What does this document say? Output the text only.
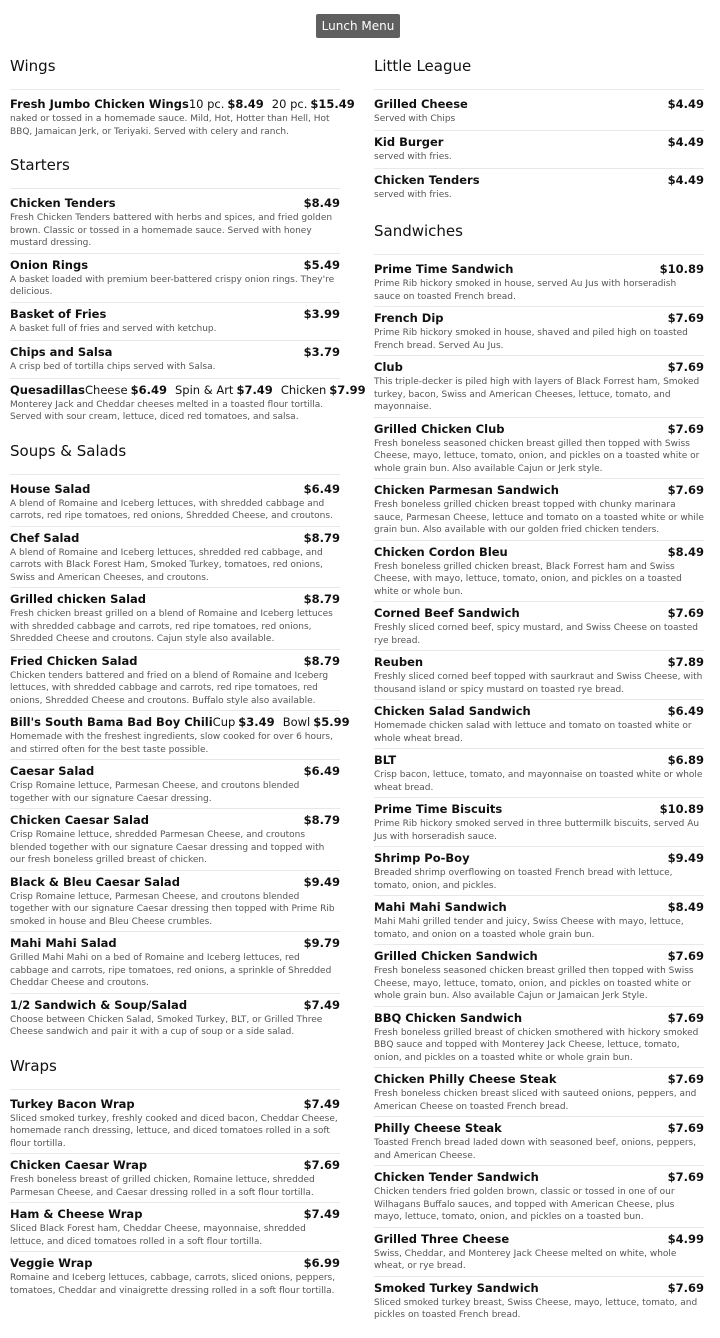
Lunch Menu
Wings
Fresh Jumbo Chicken Wings 10 pc. $8.49 20 pc. $15.49
naked or tossed in a homemade sauce. Mild, Hot, Hotter than Hell, Hot BBQ, Jamaican Jerk, or Teriyaki. Served with celery and ranch.
Starters
Chicken Tenders	$8.49
Fresh Chicken Tenders battered with herbs and spices, and fried golden brown. Classic or tossed in a homemade sauce. Served with honey mustard dressing.
Onion Rings	$5.49
A basket loaded with premium beer-battered crispy onion rings. They're delicious.
Basket of Fries	$3.99
A basket full of fries and served with ketchup.
Chips and Salsa	$3.79
A crisp bed of tortilla chips served with Salsa.
Quesadillas Cheese $6.49 Spin & Art $7.49 Chicken $7.99
Monterey Jack and Cheddar cheeses melted in a toasted flour tortilla. Served with sour cream, lettuce, diced red tomatoes, and salsa.
Soups & Salads
House Salad	$6.49
A blend of Romaine and Iceberg lettuces, with shredded cabbage and carrots, red ripe tomatoes, red onions, Shredded Cheese, and croutons.
Chef Salad	$8.79
A blend of Romaine and Iceberg lettuces, shredded red cabbage, and carrots with Black Forest Ham, Smoked Turkey, tomatoes, red onions, Swiss and American Cheeses, and croutons.
Grilled chicken Salad	$8.79
Fresh chicken breast grilled on a blend of Romaine and Iceberg lettuces with shredded cabbage and carrots, red ripe tomatoes, red onions, Shredded Cheese and croutons. Cajun style also available.
Fried Chicken Salad	$8.79
Chicken tenders battered and fried on a blend of Romaine and Iceberg lettuces, with shredded cabbage and carrots, red ripe tomatoes, red onions, Shredded Cheese and croutons. Buffalo style also available.
Bill's South Bama Bad Boy Chili Cup $3.49 Bowl $5.99
Homemade with the freshest ingredients, slow cooked for over 6 hours, and stirred often for the best taste possible.
Caesar Salad	$6.49
Crisp Romaine lettuce, Parmesan Cheese, and croutons blended together with our signature Caesar dressing.
Chicken Caesar Salad	$8.79
Crisp Romaine lettuce, shredded Parmesan Cheese, and croutons blended together with our signature Caesar dressing and topped with our fresh boneless grilled breast of chicken.
Black & Bleu Caesar Salad	$9.49
Crisp Romaine lettuce, Parmesan Cheese, and croutons blended together with our signature Caesar dressing then topped with Prime Rib smoked in house and Bleu Cheese crumbles.
Mahi Mahi Salad	$9.79
Grilled Mahi Mahi on a bed of Romaine and Iceberg lettuces, red cabbage and carrots, ripe tomatoes, red onions, a sprinkle of Shredded Cheddar Cheese and croutons.
1/2 Sandwich & Soup/Salad	$7.49
Choose between Chicken Salad, Smoked Turkey, BLT, or Grilled Three Cheese sandwich and pair it with a cup of soup or a side salad.
Wraps
Turkey Bacon Wrap	$7.49
Sliced smoked turkey, freshly cooked and diced bacon, Cheddar Cheese, homemade ranch dressing, lettuce, and diced tomatoes rolled in a soft flour tortilla.
Chicken Caesar Wrap	$7.69
Fresh boneless breast of grilled chicken, Romaine lettuce, shredded Parmesan Cheese, and Caesar dressing rolled in a soft flour tortilla.
Ham & Cheese Wrap	$7.49
Sliced Black Forest ham, Cheddar Cheese, mayonnaise, shredded lettuce, and diced tomatoes rolled in a soft flour tortilla.
Veggie Wrap	$6.99
Romaine and Iceberg lettuces, cabbage, carrots, sliced onions, peppers, tomatoes, Cheddar and vinaigrette dressing rolled in a soft flour tortilla.
Little League
Grilled Cheese	$4.49
Served with Chips
Kid Burger	$4.49
served with fries.
Chicken Tenders	$4.49
served with fries.
Sandwiches
Prime Time Sandwich	$10.89
Prime Rib hickory smoked in house, served Au Jus with horseradish sauce on toasted French bread.
French Dip	$7.69
Prime Rib hickory smoked in house, shaved and piled high on toasted French bread. Served Au Jus.
Club	$7.69
This triple-decker is piled high with layers of Black Forrest ham, Smoked turkey, bacon, Swiss and American Cheeses, lettuce, tomato, and mayonnaise.
Grilled Chicken Club	$7.69
Fresh boneless seasoned chicken breast gilled then topped with Swiss Cheese, mayo, lettuce, tomato, onion, and pickles on a toasted white or whole grain bun. Also available Cajun or Jerk style.
Chicken Parmesan Sandwich	$7.69
Fresh boneless grilled chicken breast topped with chunky marinara sauce, Parmesan Cheese, lettuce and tomato on a toasted white or while grain bun. Also available with our golden fried chicken tenders.
Chicken Cordon Bleu	$8.49
Fresh boneless grilled chicken breast, Black Forrest ham and Swiss Cheese, with mayo, lettuce, tomato, onion, and pickles on a toasted white or whole bun.
Corned Beef Sandwich	$7.69
Freshly sliced corned beef, spicy mustard, and Swiss Cheese on toasted rye bread.
Reuben	$7.89
Freshly sliced corned beef topped with saurkraut and Swiss Cheese, with thousand island or spicy mustard on toasted rye bread.
Chicken Salad Sandwich	$6.49
Homemade chicken salad with lettuce and tomato on toasted white or whole wheat bread.
BLT	$6.89
Crisp bacon, lettuce, tomato, and mayonnaise on toasted white or whole wheat bread.
Prime Time Biscuits	$10.89
Prime Rib hickory smoked served in three buttermilk biscuits, served Au Jus with horseradish sauce.
Shrimp Po-Boy	$9.49
Breaded shrimp overflowing on toasted French bread with lettuce, tomato, onion, and pickles.
Mahi Mahi Sandwich	$8.49
Mahi Mahi grilled tender and juicy, Swiss Cheese with mayo, lettuce, tomato, and onion on a toasted whole grain bun.
Grilled Chicken Sandwich	$7.69
Fresh boneless seasoned chicken breast grilled then topped with Swiss Cheese, mayo, lettuce, tomato, onion, and pickles on toasted white or whole grain bun. Also available Cajun or Jamaican Jerk Style.
BBQ Chicken Sandwich	$7.69
Fresh boneless grilled breast of chicken smothered with hickory smoked BBQ sauce and topped with Monterey Jack Cheese, lettuce, tomato, onion, and pickles on a toasted white or whole grain bun.
Chicken Philly Cheese Steak	$7.69
Fresh boneless chicken breast sliced with sauteed onions, peppers, and American Cheese on toasted French bread.
Philly Cheese Steak	$7.69
Toasted French bread laded down with seasoned beef, onions, peppers, and American Cheese.
Chicken Tender Sandwich	$7.69
Chicken tenders fried golden brown, classic or tossed in one of our Wilhagans Buffalo sauces, and topped with American Cheese, plus mayo, lettuce, tomato, onion, and pickles on a toasted bun.
Grilled Three Cheese	$4.99
Swiss, Cheddar, and Monterey Jack Cheese melted on white, whole wheat, or rye bread.
Smoked Turkey Sandwich	$7.69
Sliced smoked turkey breast, Swiss Cheese, mayo, lettuce, tomato, and pickles on toasted French bread.
